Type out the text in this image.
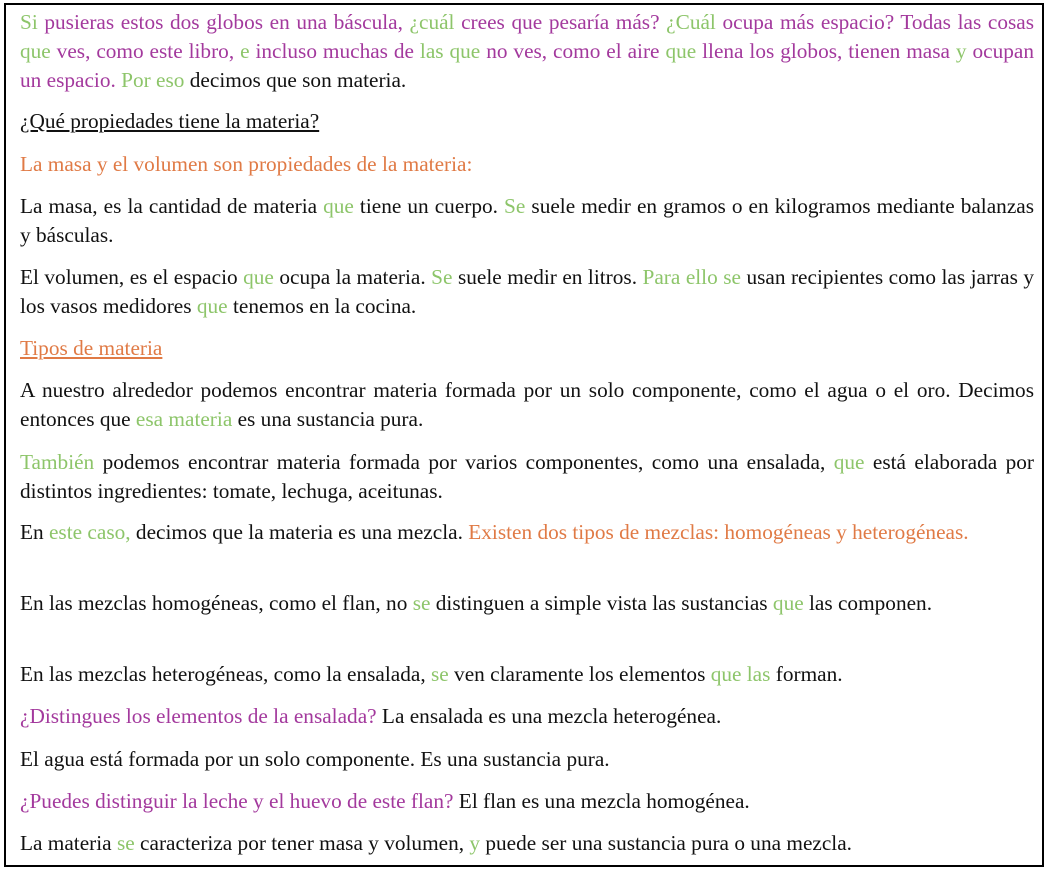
Si pusieras estos dos globos en una báscula, ¿cuál crees que pesaría más? ¿Cuál ocupa más espacio? Todas las cosas que ves, como este libro, e incluso muchas de las que no ves, como el aire que llena los globos, tienen masa y ocupan un espacio. Por eso decimos que son materia.

¿Qué propiedades tiene la materia?

La masa y el volumen son propiedades de la materia:

La masa, es la cantidad de materia que tiene un cuerpo. Se suele medir en gramos o en kilogramos mediante balanzas y básculas.

El volumen, es el espacio que ocupa la materia. Se suele medir en litros. Para ello se usan recipientes como las jarras y los vasos medidores que tenemos en la cocina.

Tipos de materia

A nuestro alrededor podemos encontrar materia formada por un solo componente, como el agua o el oro. Decimos entonces que esa materia es una sustancia pura.

También podemos encontrar materia formada por varios componentes, como una ensalada, que está elaborada por distintos ingredientes: tomate, lechuga, aceitunas.

En este caso, decimos que la materia es una mezcla. Existen dos tipos de mezclas: homogéneas y heterogéneas.

En las mezclas homogéneas, como el flan, no se distinguen a simple vista las sustancias que las componen.

En las mezclas heterogéneas, como la ensalada, se ven claramente los elementos que las forman.

¿Distingues los elementos de la ensalada? La ensalada es una mezcla heterogénea.

El agua está formada por un solo componente. Es una sustancia pura.

¿Puedes distinguir la leche y el huevo de este flan? El flan es una mezcla homogénea.

La materia se caracteriza por tener masa y volumen, y puede ser una sustancia pura o una mezcla.
